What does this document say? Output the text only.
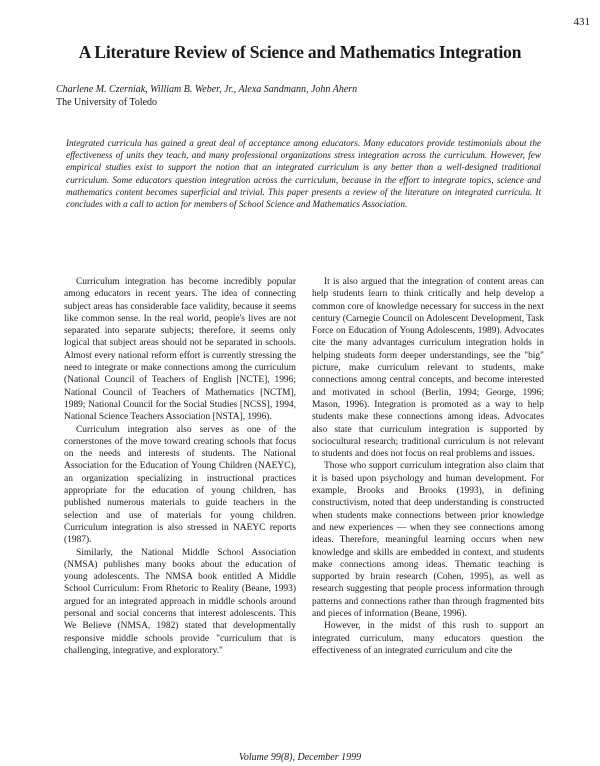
431
A Literature Review of Science and Mathematics Integration
Charlene M. Czerniak, William B. Weber, Jr., Alexa Sandmann, John Ahern
The University of Toledo

Integrated curricula has gained a great deal of acceptance among educators. Many educators provide testimonials about the effectiveness of units they teach, and many professional organizations stress integration across the curriculum. However, few empirical studies exist to support the notion that an integrated curriculum is any better than a well-designed traditional curriculum. Some educators question integration across the curriculum, because in the effort to integrate topics, science and mathematics content becomes superficial and trivial. This paper presents a review of the literature on integrated curricula. It concludes with a call to action for members of School Science and Mathematics Association.

Curriculum integration has become incredibly popular among educators in recent years. The idea of connecting subject areas has considerable face validity, because it seems like common sense. In the real world, people's lives are not separated into separate subjects; therefore, it seems only logical that subject areas should not be separated in schools. Almost every national reform effort is currently stressing the need to integrate or make connections among the curriculum (National Council of Teachers of English [NCTE], 1996; National Council of Teachers of Mathematics [NCTM], 1989; National Council for the Social Studies [NCSS], 1994, National Science Teachers Association [NSTA], 1996).

Curriculum integration also serves as one of the cornerstones of the move toward creating schools that focus on the needs and interests of students. The National Association for the Education of Young Children (NAEYC), an organization specializing in instructional practices appropriate for the education of young children, has published numerous materials to guide teachers in the selection and use of materials for young children. Curriculum integration is also stressed in NAEYC reports (1987).

Similarly, the National Middle School Association (NMSA) publishes many books about the education of young adolescents. The NMSA book entitled A Middle School Curriculum: From Rhetoric to Reality (Beane, 1993) argued for an integrated approach in middle schools around personal and social concerns that interest adolescents. This We Believe (NMSA, 1982) stated that developmentally responsive middle schools provide "curriculum that is challenging, integrative, and exploratory."

It is also argued that the integration of content areas can help students learn to think critically and help develop a common core of knowledge necessary for success in the next century (Carnegie Council on Adolescent Development, Task Force on Education of Young Adolescents, 1989). Advocates cite the many advantages curriculum integration holds in helping students form deeper understandings, see the "big" picture, make curriculum relevant to students, make connections among central concepts, and become interested and motivated in school (Berlin, 1994; George, 1996; Mason, 1996). Integration is promoted as a way to help students make these connections among ideas. Advocates also state that curriculum integration is supported by sociocultural research; traditional curriculum is not relevant to students and does not focus on real problems and issues.

Those who support curriculum integration also claim that it is based upon psychology and human development. For example, Brooks and Brooks (1993), in defining constructivism, noted that deep understanding is constructed when students make connections between prior knowledge and new experiences — when they see connections among ideas. Therefore, meaningful learning occurs when new knowledge and skills are embedded in context, and students make connections among ideas. Thematic teaching is supported by brain research (Cohen, 1995), as well as research suggesting that people process information through patterns and connections rather than through fragmented bits and pieces of information (Beane, 1996).

However, in the midst of this rush to support an integrated curriculum, many educators question the effectiveness of an integrated curriculum and cite the

Volume 99(8), December 1999
